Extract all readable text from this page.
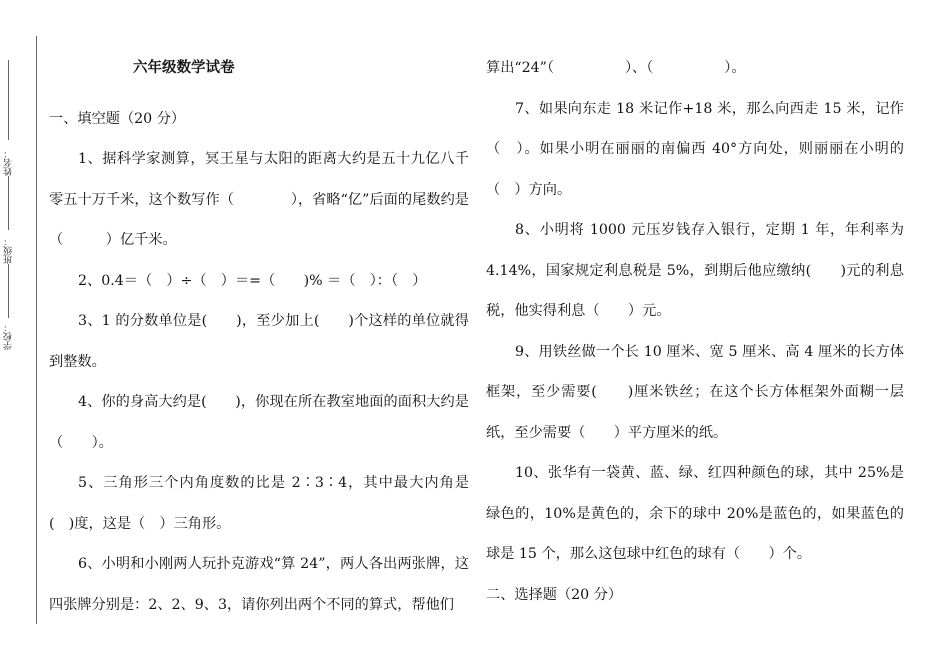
姓名：
班级：
学校：

六年级数学试卷

一、填空题（20 分）

1、据科学家测算，冥王星与太阳的距离大约是五十九亿八千零五十万千米，这个数写作（　　　　），省略“亿”后面的尾数约是（　　　）亿千米。

2、0.4＝（　）÷（　）＝=（　　)% ＝（　）：（　）

3、1 的分数单位是(　　)，至少加上(　　)个这样的单位就得到整数。

4、你的身高大约是(　　)，你现在所在教室地面的面积大约是（　　）。

5、三角形三个内角度数的比是 2∶3∶4，其中最大内角是(　)度，这是（　）三角形。

6、小明和小刚两人玩扑克游戏“算 24”，两人各出两张牌，这四张牌分别是：2、2、9、3，请你列出两个不同的算式，帮他们

算出“24”（　　　　　）、（　　　　　）。

7、如果向东走 18 米记作+18 米，那么向西走 15 米，记作（　）。如果小明在丽丽的南偏西 40°方向处，则丽丽在小明的（　）方向。

8、小明将 1000 元压岁钱存入银行，定期 1 年，年利率为 4.14%，国家规定利息税是 5%，到期后他应缴纳(　　)元的利息税，他实得利息（　　）元。

9、用铁丝做一个长 10 厘米、宽 5 厘米、高 4 厘米的长方体框架，至少需要(　　)厘米铁丝；在这个长方体框架外面糊一层纸，至少需要（　　）平方厘米的纸。

10、张华有一袋黄、蓝、绿、红四种颜色的球，其中 25%是绿色的，10%是黄色的，余下的球中 20%是蓝色的，如果蓝色的球是 15 个，那么这包球中红色的球有（　　）个。

二、选择题（20 分）
